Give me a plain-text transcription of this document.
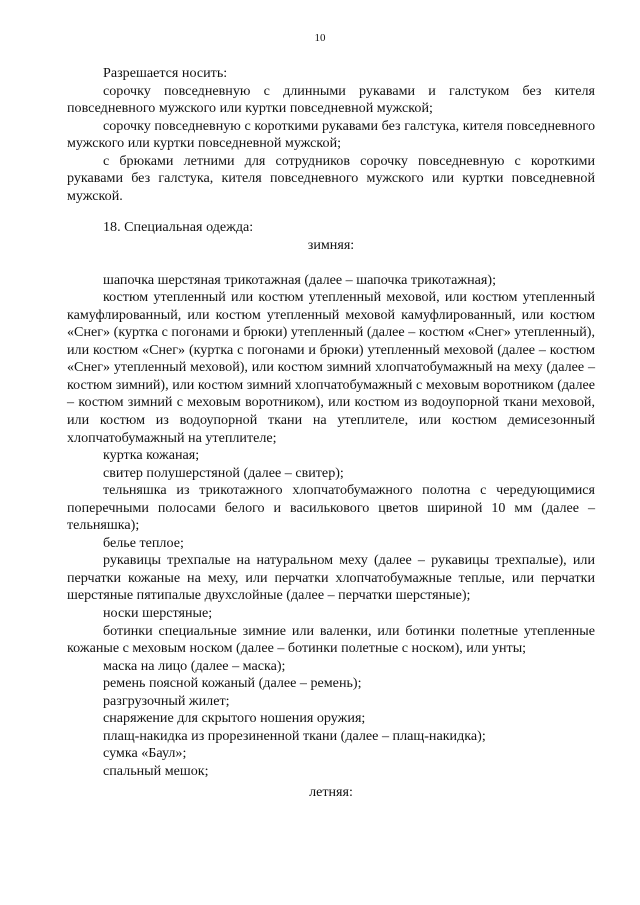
10

Разрешается носить:

сорочку повседневную с длинными рукавами и галстуком без кителя повседневного мужского или куртки повседневной мужской;

сорочку повседневную с короткими рукавами без галстука, кителя повседневного мужского или куртки повседневной мужской;

с брюками летними для сотрудников сорочку повседневную с короткими рукавами без галстука, кителя повседневного мужского или куртки повседневной мужской.

18. Специальная одежда:

зимняя:

шапочка шерстяная трикотажная (далее – шапочка трикотажная);

костюм утепленный или костюм утепленный меховой, или костюм утепленный камуфлированный, или костюм утепленный меховой камуфлированный, или костюм «Снег» (куртка с погонами и брюки) утепленный (далее – костюм «Снег» утепленный), или костюм «Снег» (куртка с погонами и брюки) утепленный меховой (далее – костюм «Снег» утепленный меховой), или костюм зимний хлопчатобумажный на меху (далее – костюм зимний), или костюм зимний хлопчатобумажный с меховым воротником (далее – костюм зимний с меховым воротником), или костюм из водоупорной ткани меховой, или костюм из водоупорной ткани на утеплителе, или костюм демисезонный хлопчатобумажный на утеплителе;

куртка кожаная;

свитер полушерстяной (далее – свитер);

тельняшка из трикотажного хлопчатобумажного полотна с чередующимися поперечными полосами белого и василькового цветов шириной 10 мм (далее – тельняшка);

белье теплое;

рукавицы трехпалые на натуральном меху (далее – рукавицы трехпалые), или перчатки кожаные на меху, или перчатки хлопчатобумажные теплые, или перчатки шерстяные пятипалые двухслойные (далее – перчатки шерстяные);

носки шерстяные;

ботинки специальные зимние или валенки, или ботинки полетные утепленные кожаные с меховым носком (далее – ботинки полетные с носком), или унты;

маска на лицо (далее – маска);

ремень поясной кожаный (далее – ремень);

разгрузочный жилет;

снаряжение для скрытого ношения оружия;

плащ-накидка из прорезиненной ткани (далее – плащ-накидка);

сумка «Баул»;

спальный мешок;

летняя:
